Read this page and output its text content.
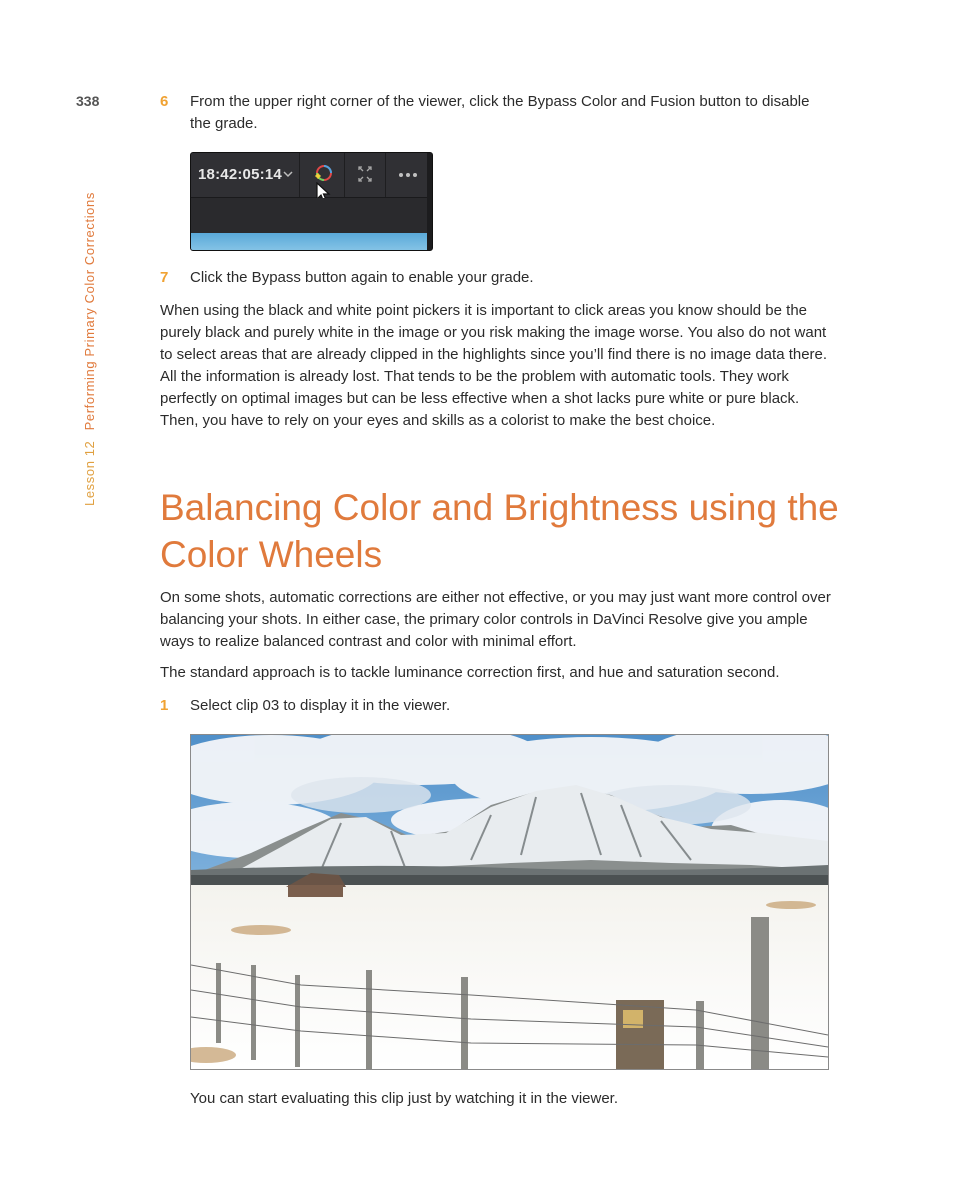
338
Lesson 12 Performing Primary Color Corrections
6 From the upper right corner of the viewer, click the Bypass Color and Fusion button to disable the grade.
18:42:05:14
7 Click the Bypass button again to enable your grade.

When using the black and white point pickers it is important to click areas you know should be the purely black and purely white in the image or you risk making the image worse. You also do not want to select areas that are already clipped in the highlights since you’ll find there is no image data there. All the information is already lost. That tends to be the problem with automatic tools. They work perfectly on optimal images but can be less effective when a shot lacks pure white or pure black. Then, you have to rely on your eyes and skills as a colorist to make the best choice.

Balancing Color and Brightness using the Color Wheels

On some shots, automatic corrections are either not effective, or you may just want more control over balancing your shots. In either case, the primary color controls in DaVinci Resolve give you ample ways to realize balanced contrast and color with minimal effort.

The standard approach is to tackle luminance correction first, and hue and saturation second.

1 Select clip 03 to display it in the viewer.

You can start evaluating this clip just by watching it in the viewer.
